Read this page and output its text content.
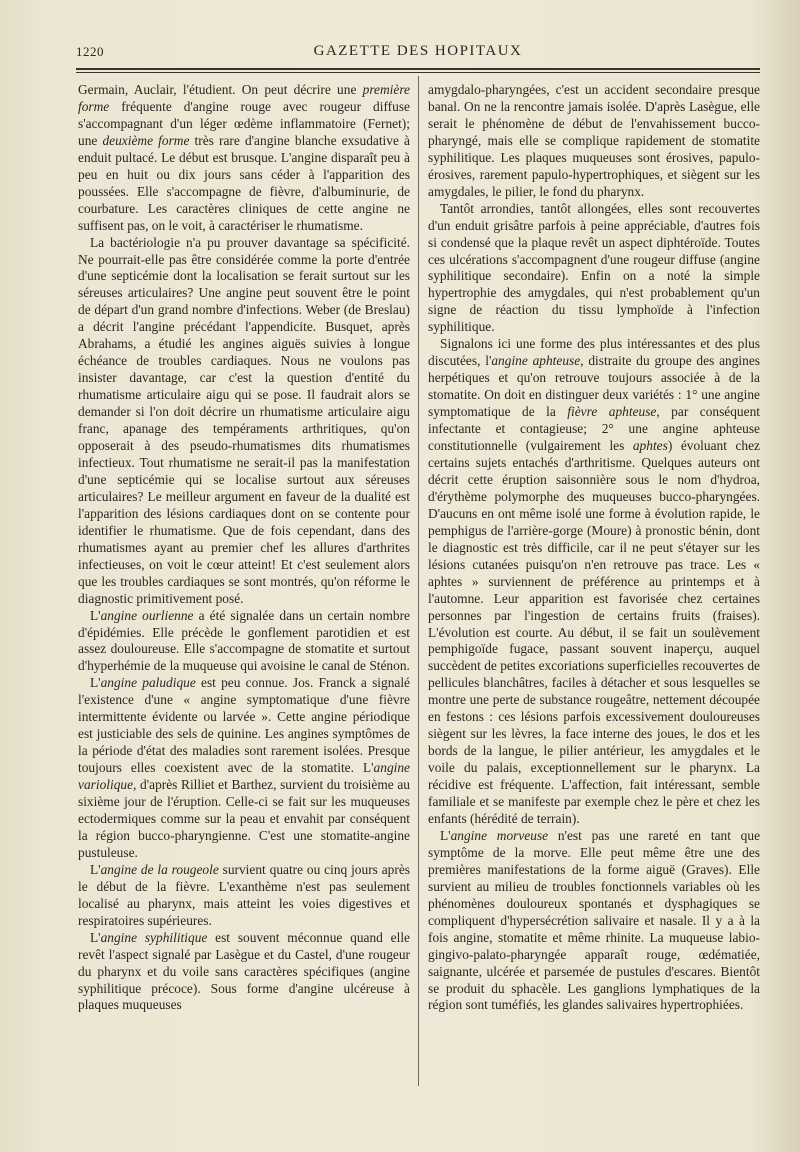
1220	GAZETTE DES HOPITAUX

Germain, Auclair, l'étudient. On peut décrire une première forme fréquente d'angine rouge avec rougeur diffuse s'accompagnant d'un léger œdème inflammatoire (Fernet); une deuxième forme très rare d'angine blanche exsudative à enduit pultacé. Le début est brusque. L'angine disparaît peu à peu en huit ou dix jours sans céder à l'apparition des poussées. Elle s'accompagne de fièvre, d'albuminurie, de courbature. Les caractères cliniques de cette angine ne suffisent pas, on le voit, à caractériser le rhumatisme.

La bactériologie n'a pu prouver davantage sa spécificité. Ne pourrait-elle pas être considérée comme la porte d'entrée d'une septicémie dont la localisation se ferait surtout sur les séreuses articulaires? Une angine peut souvent être le point de départ d'un grand nombre d'infections. Weber (de Breslau) a décrit l'angine précédant l'appendicite. Busquet, après Abrahams, a étudié les angines aiguës suivies à longue échéance de troubles cardiaques. Nous ne voulons pas insister davantage, car c'est la question d'entité du rhumatisme articulaire aigu qui se pose. Il faudrait alors se demander si l'on doit décrire un rhumatisme articulaire aigu franc, apanage des tempéraments arthritiques, qu'on opposerait à des pseudo-rhumatismes dits rhumatismes infectieux. Tout rhumatisme ne serait-il pas la manifestation d'une septicémie qui se localise surtout aux séreuses articulaires? Le meilleur argument en faveur de la dualité est l'apparition des lésions cardiaques dont on se contente pour identifier le rhumatisme. Que de fois cependant, dans des rhumatismes ayant au premier chef les allures d'arthrites infectieuses, on voit le cœur atteint! Et c'est seulement alors que les troubles cardiaques se sont montrés, qu'on réforme le diagnostic primitivement posé.

L'angine ourlienne a été signalée dans un certain nombre d'épidémies. Elle précède le gonflement parotidien et est assez douloureuse. Elle s'accompagne de stomatite et surtout d'hyperhémie de la muqueuse qui avoisine le canal de Sténon.

L'angine paludique est peu connue. Jos. Franck a signalé l'existence d'une « angine symptomatique d'une fièvre intermittente évidente ou larvée ». Cette angine périodique est justiciable des sels de quinine. Les angines symptômes de la période d'état des maladies sont rarement isolées. Presque toujours elles coexistent avec de la stomatite. L'angine variolique, d'après Rilliet et Barthez, survient du troisième au sixième jour de l'éruption. Celle-ci se fait sur les muqueuses ectodermiques comme sur la peau et envahit par conséquent la région bucco-pharyngienne. C'est une stomatite-angine pustuleuse.

L'angine de la rougeole survient quatre ou cinq jours après le début de la fièvre. L'exanthème n'est pas seulement localisé au pharynx, mais atteint les voies digestives et respiratoires supérieures.

L'angine syphilitique est souvent méconnue quand elle revêt l'aspect signalé par Lasègue et du Castel, d'une rougeur du pharynx et du voile sans caractères spécifiques (angine syphilitique précoce). Sous forme d'angine ulcéreuse à plaques muqueuses

amygdalo-pharyngées, c'est un accident secondaire presque banal. On ne la rencontre jamais isolée. D'après Lasègue, elle serait le phénomène de début de l'envahissement bucco-pharyngé, mais elle se complique rapidement de stomatite syphilitique. Les plaques muqueuses sont érosives, papulo-érosives, rarement papulo-hypertrophiques, et siègent sur les amygdales, le pilier, le fond du pharynx.

Tantôt arrondies, tantôt allongées, elles sont recouvertes d'un enduit grisâtre parfois à peine appréciable, d'autres fois si condensé que la plaque revêt un aspect diphtéroïde. Toutes ces ulcérations s'accompagnent d'une rougeur diffuse (angine syphilitique secondaire). Enfin on a noté la simple hypertrophie des amygdales, qui n'est probablement qu'un signe de réaction du tissu lymphoïde à l'infection syphilitique.

Signalons ici une forme des plus intéressantes et des plus discutées, l'angine aphteuse, distraite du groupe des angines herpétiques et qu'on retrouve toujours associée à de la stomatite. On doit en distinguer deux variétés : 1° une angine symptomatique de la fièvre aphteuse, par conséquent infectante et contagieuse; 2° une angine aphteuse constitutionnelle (vulgairement les aphtes) évoluant chez certains sujets entachés d'arthritisme. Quelques auteurs ont décrit cette éruption saisonnière sous le nom d'hydroa, d'érythème polymorphe des muqueuses bucco-pharyngées. D'aucuns en ont même isolé une forme à évolution rapide, le pemphigus de l'arrière-gorge (Moure) à pronostic bénin, dont le diagnostic est très difficile, car il ne peut s'étayer sur les lésions cutanées puisqu'on n'en retrouve pas trace. Les « aphtes » surviennent de préférence au printemps et à l'automne. Leur apparition est favorisée chez certaines personnes par l'ingestion de certains fruits (fraises). L'évolution est courte. Au début, il se fait un soulèvement pemphigoïde fugace, passant souvent inaperçu, auquel succèdent de petites excoriations superficielles recouvertes de pellicules blanchâtres, faciles à détacher et sous lesquelles se montre une perte de substance rougeâtre, nettement découpée en festons : ces lésions parfois excessivement douloureuses siègent sur les lèvres, la face interne des joues, le dos et les bords de la langue, le pilier antérieur, les amygdales et le voile du palais, exceptionnellement sur le pharynx. La récidive est fréquente. L'affection, fait intéressant, semble familiale et se manifeste par exemple chez le père et chez les enfants (hérédité de terrain).

L'angine morveuse n'est pas une rareté en tant que symptôme de la morve. Elle peut même être une des premières manifestations de la forme aiguë (Graves). Elle survient au milieu de troubles fonctionnels variables où les phénomènes douloureux spontanés et dysphagiques se compliquent d'hypersécrétion salivaire et nasale. Il y a à la fois angine, stomatite et même rhinite. La muqueuse labio-gingivo-palato-pharyngée apparaît rouge, œdématiée, saignante, ulcérée et parsemée de pustules d'escares. Bientôt se produit du sphacèle. Les ganglions lymphatiques de la région sont tuméfiés, les glandes salivaires hypertrophiées.
